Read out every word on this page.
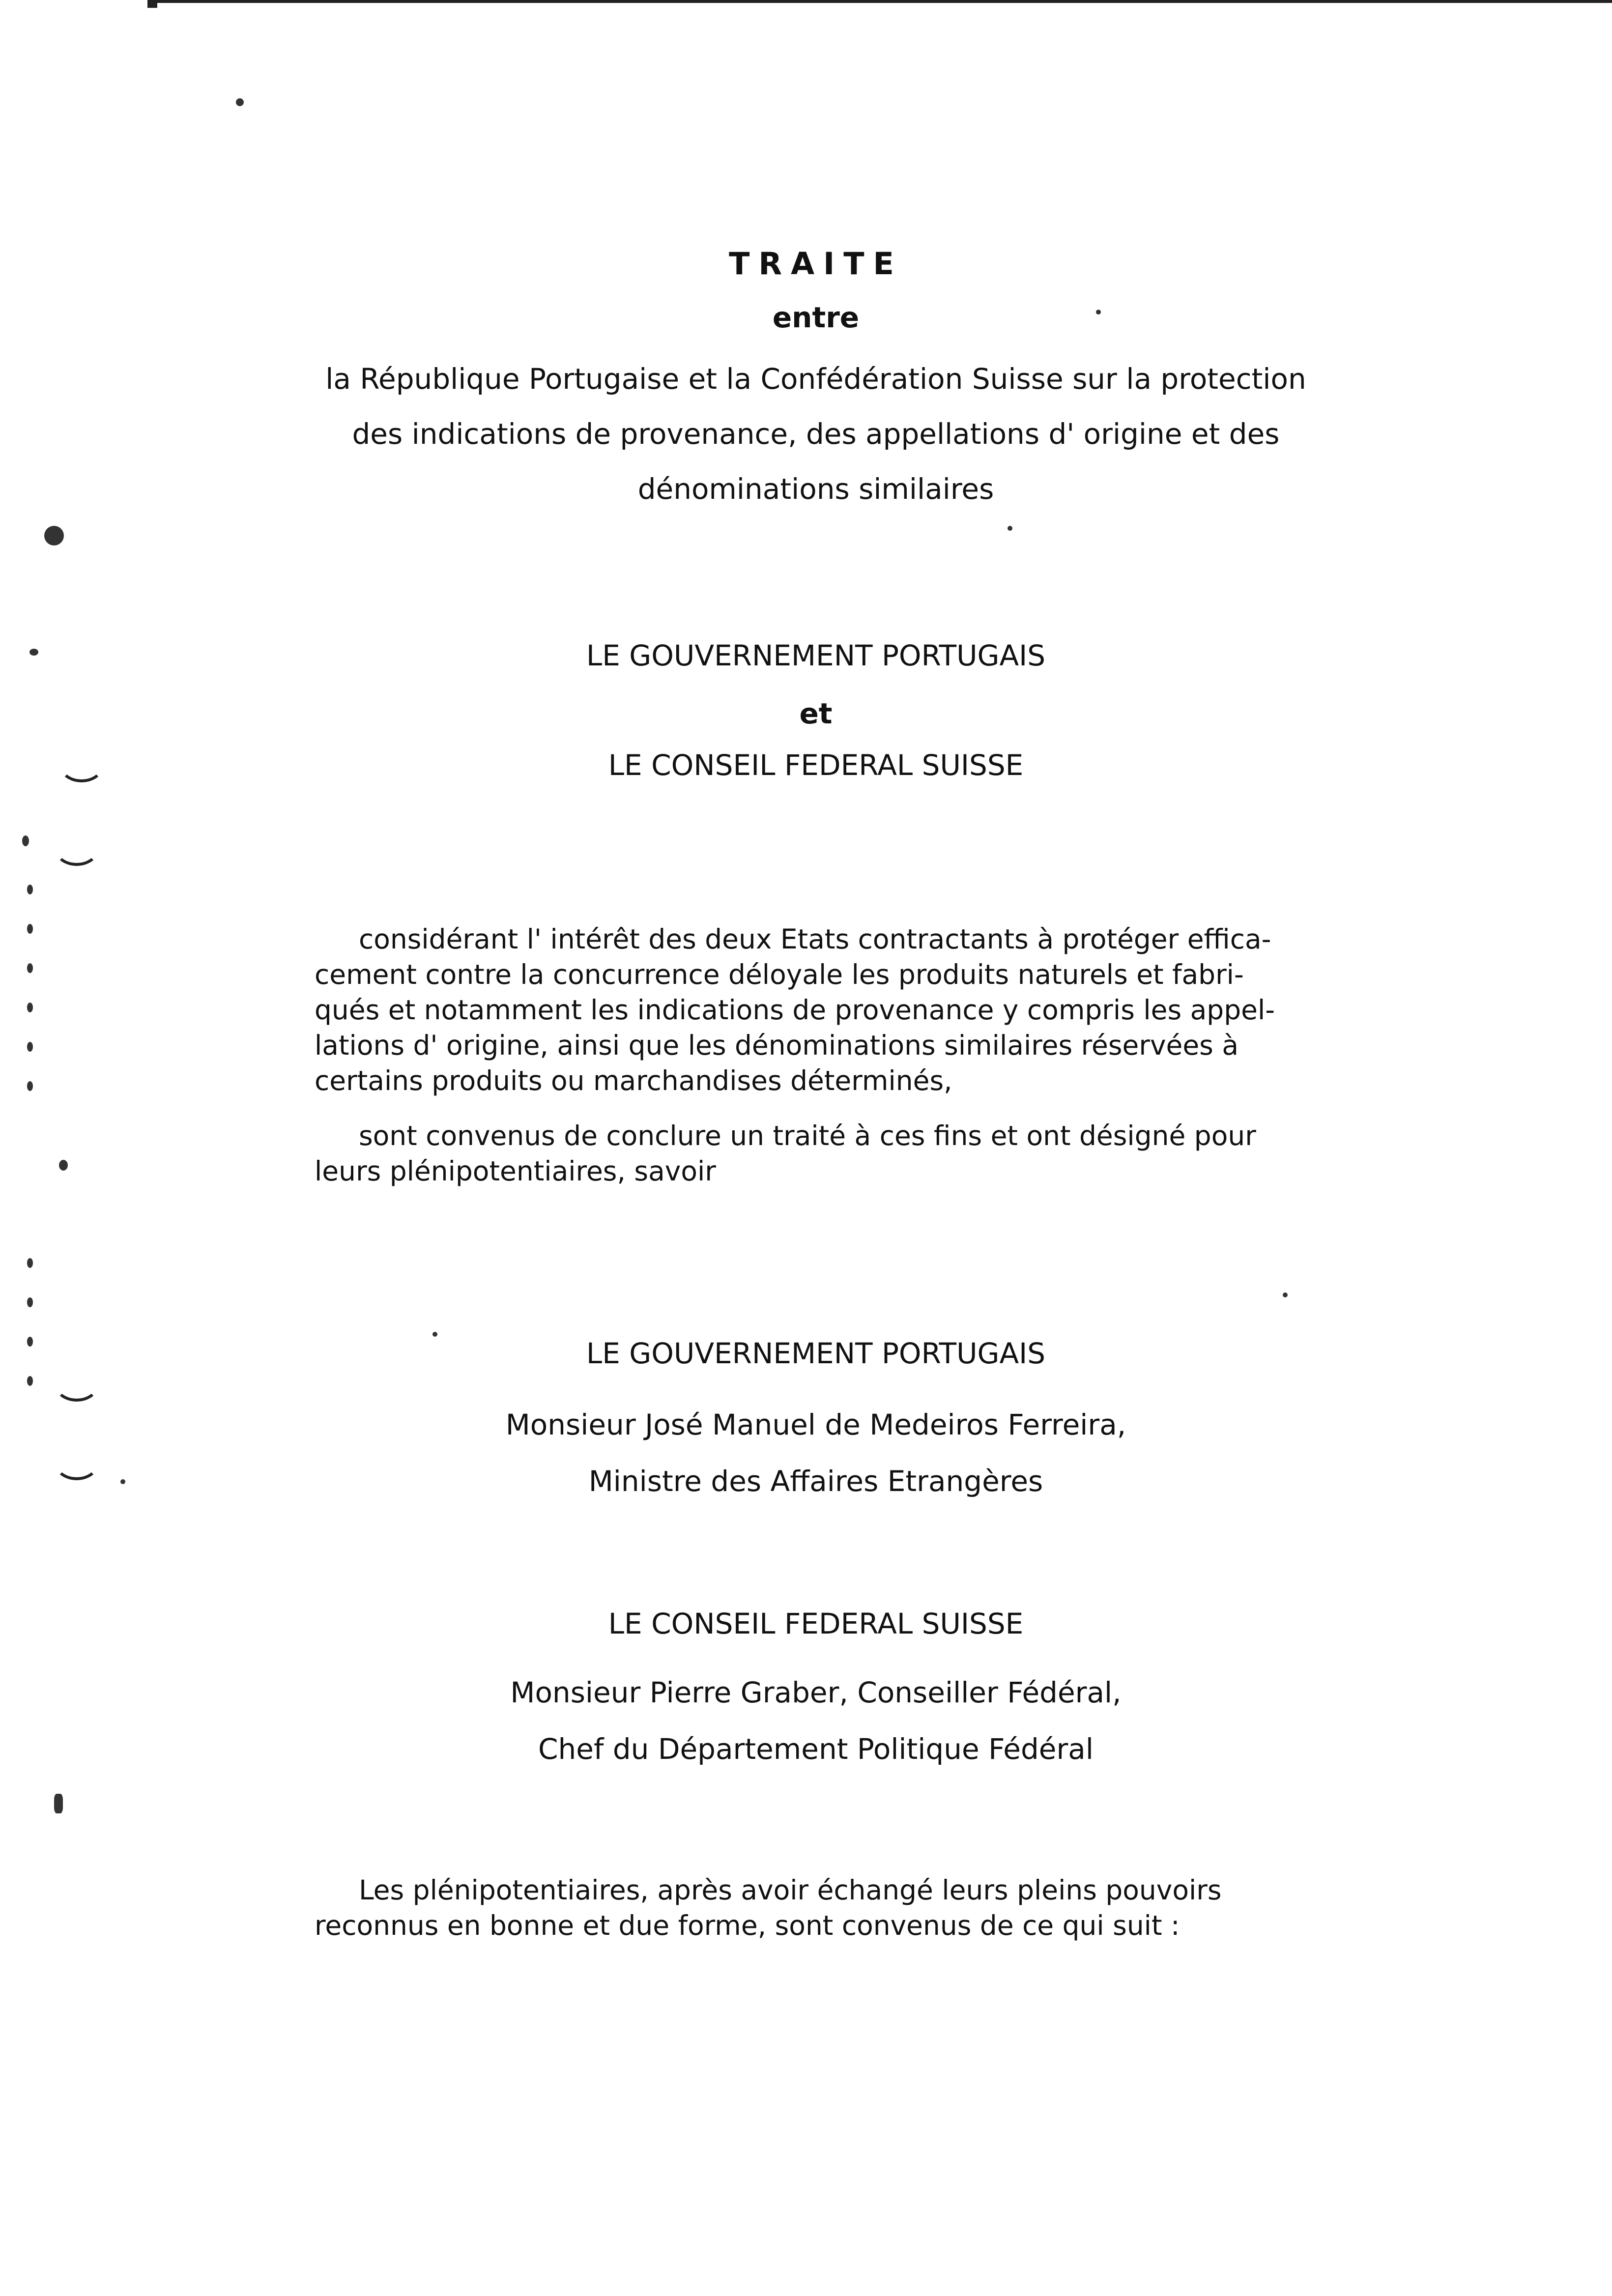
TRAITE
entre
la République Portugaise et la Confédération Suisse sur la protection
des indications de provenance, des appellations d' origine et des
dénominations similaires
LE GOUVERNEMENT PORTUGAIS
et
LE CONSEIL FEDERAL SUISSE
considérant l' intérêt des deux Etats contractants à protéger effica-
cement contre la concurrence déloyale les produits naturels et fabri-
qués et notamment les indications de provenance y compris les appel-
lations d' origine, ainsi que les dénominations similaires réservées à
certains produits ou marchandises déterminés,
sont convenus de conclure un traité à ces fins et ont désigné pour
leurs plénipotentiaires, savoir
LE GOUVERNEMENT PORTUGAIS
Monsieur José Manuel de Medeiros Ferreira,
Ministre des Affaires Etrangères
LE CONSEIL FEDERAL SUISSE
Monsieur Pierre Graber, Conseiller Fédéral,
Chef du Département Politique Fédéral
Les plénipotentiaires, après avoir échangé leurs pleins pouvoirs
reconnus en bonne et due forme, sont convenus de ce qui suit :
